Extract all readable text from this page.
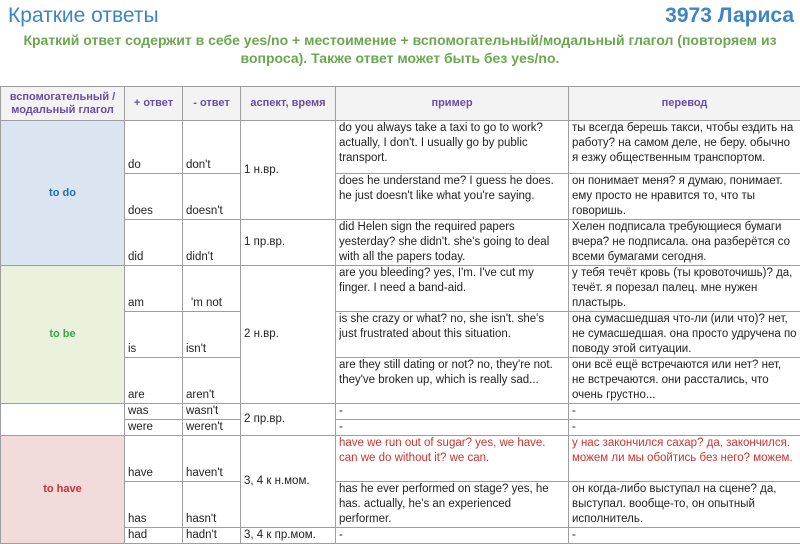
Краткие ответы	3973 Лариса
Краткий ответ содержит в себе yes/no + местоимение + вспомогательный/модальный глагол (повторяем из вопроса). Также ответ может быть без yes/no.
вспомогательный / модальный глагол	+ ответ	- ответ	аспект, время	пример	перевод
to do	do	don't	1 н.вр.	do you always take a taxi to go to work? actually, I don't. I usually go by public transport.	ты всегда берешь такси, чтобы ездить на работу? на самом деле, не беру. обычно я езжу общественным транспортом.
	does	doesn't		does he understand me? I guess he does. he just doesn't like what you're saying.	он понимает меня? я думаю, понимает. ему просто не нравится то, что ты говоришь.
	did	didn't	1 пр.вр.	did Helen sign the required papers yesterday? she didn't. she's going to deal with all the papers today.	Хелен подписала требующиеся бумаги вчера? не подписала. она разберётся со всеми бумагами сегодня.
to be	am	'm not	2 н.вр.	are you bleeding? yes, I'm. I've cut my finger. I need a band-aid.	у тебя течёт кровь (ты кровоточишь)? да, течёт. я порезал палец. мне нужен пластырь.
	is	isn't		is she crazy or what? no, she isn't. she's just frustrated about this situation.	она сумасшедшая что-ли (или что)? нет, не сумасшедшая. она просто удручена по поводу этой ситуации.
	are	aren't		are they still dating or not? no, they're not. they've broken up, which is really sad...	они всё ещё встречаются или нет? нет, не встречаются. они расстались, что очень грустно...
	was	wasn't	2 пр.вр.	-	-
	were	weren't		-	-
to have	have	haven't	3, 4 к н.мом.	have we run out of sugar? yes, we have. can we do without it? we can.	у нас закончился сахар? да, закончился. можем ли мы обойтись без него? можем.
	has	hasn't		has he ever performed on stage? yes, he has. actually, he's an experienced performer.	он когда-либо выступал на сцене? да, выступал. вообще-то, он опытный исполнитель.
	had	hadn't	3, 4 к пр.мом.	-	-
